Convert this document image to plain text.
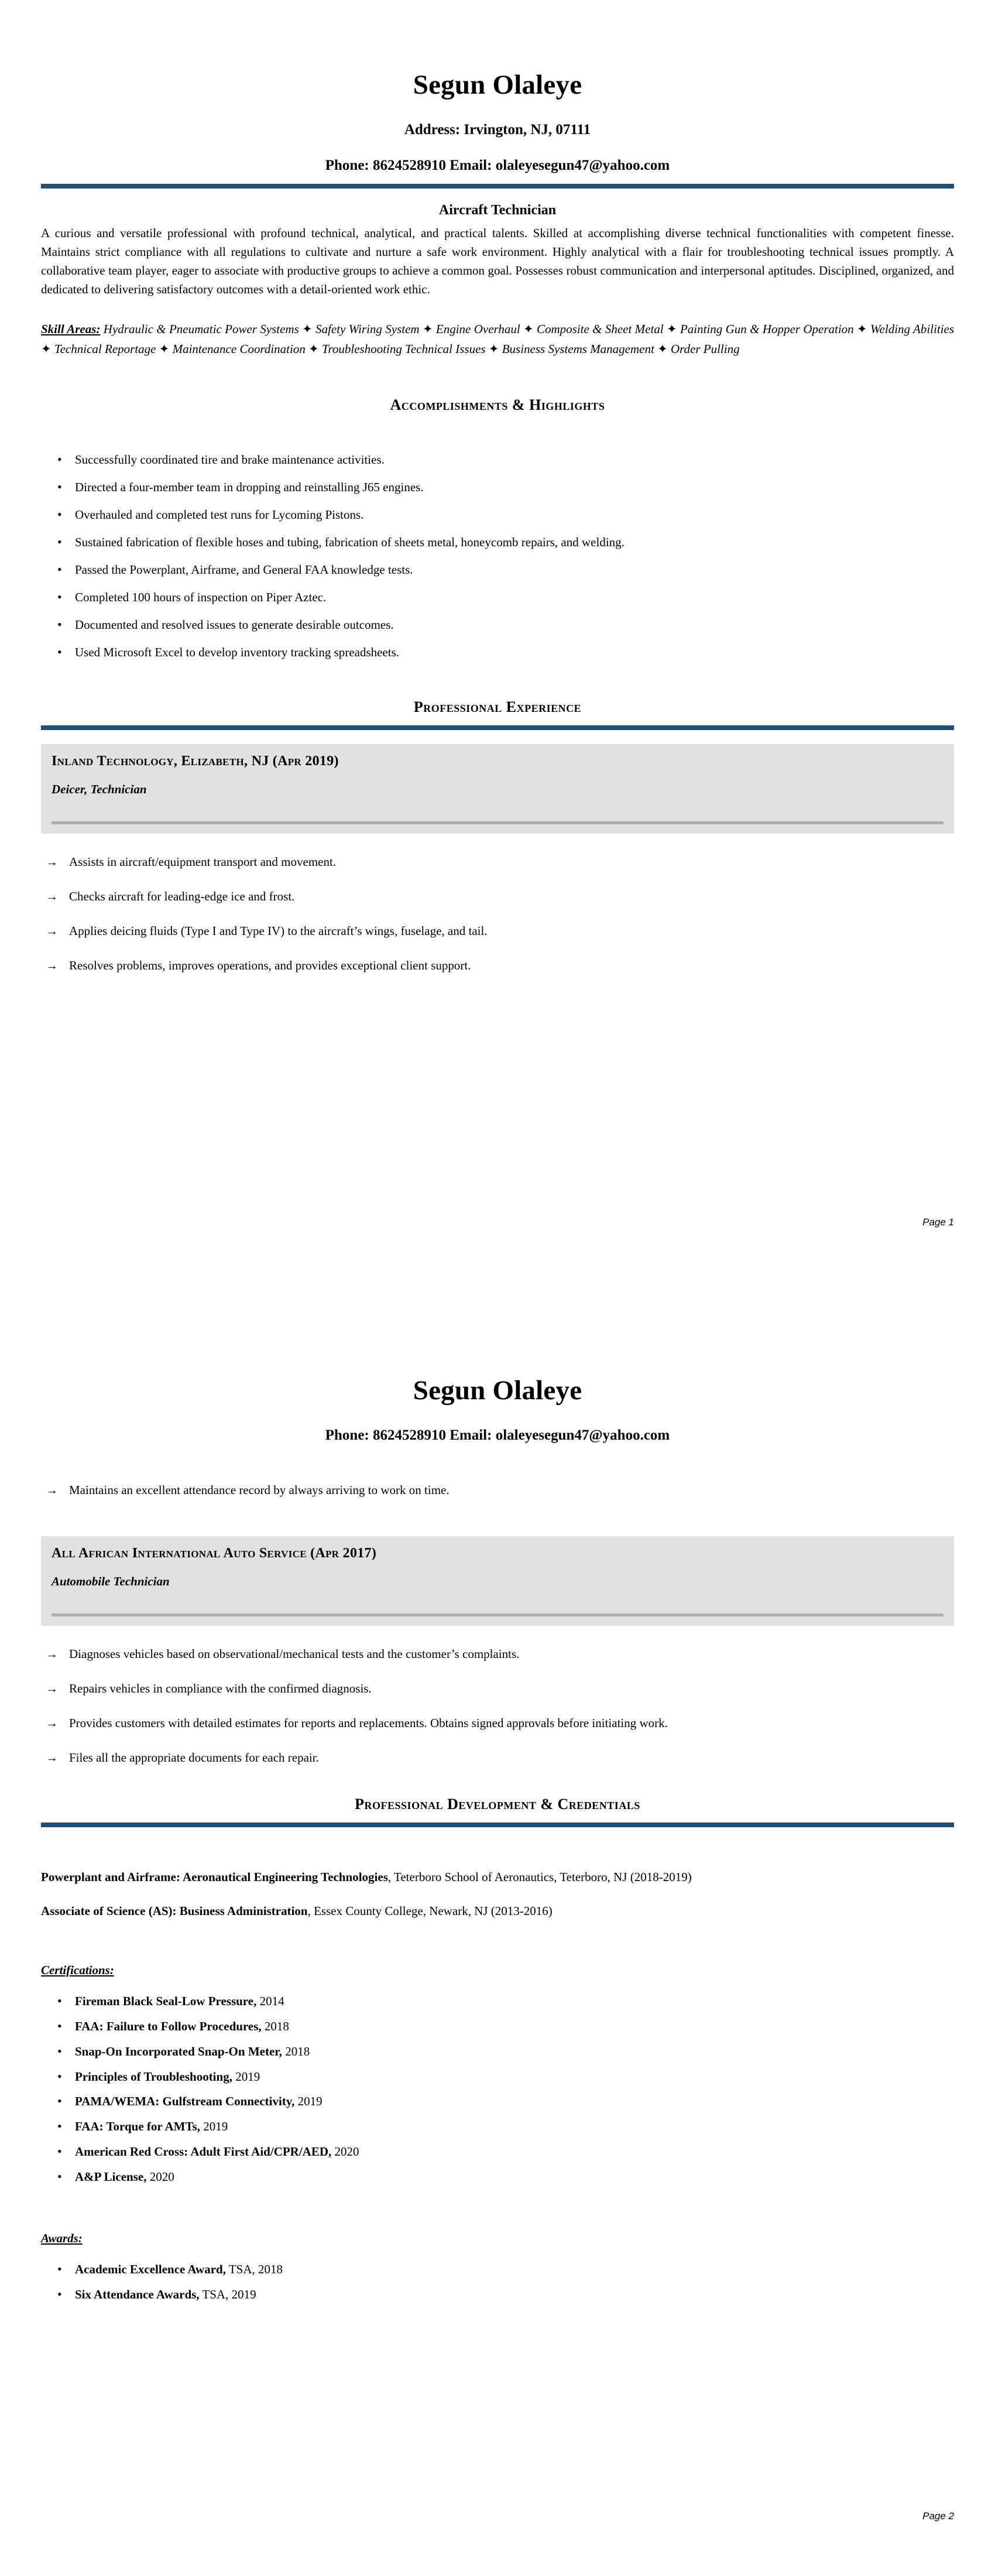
Segun Olaleye
Address: Irvington, NJ, 07111
Phone: 8624528910 Email: olaleyesegun47@yahoo.com
Aircraft Technician

A curious and versatile professional with profound technical, analytical, and practical talents. Skilled at accomplishing diverse technical functionalities with competent finesse. Maintains strict compliance with all regulations to cultivate and nurture a safe work environment. Highly analytical with a flair for troubleshooting technical issues promptly. A collaborative team player, eager to associate with productive groups to achieve a common goal. Possesses robust communication and interpersonal aptitudes. Disciplined, organized, and dedicated to delivering satisfactory outcomes with a detail-oriented work ethic.

Skill Areas: Hydraulic & Pneumatic Power Systems ✦ Safety Wiring System ✦ Engine Overhaul ✦ Composite & Sheet Metal ✦ Painting Gun & Hopper Operation ✦ Welding Abilities ✦ Technical Reportage ✦ Maintenance Coordination ✦ Troubleshooting Technical Issues ✦ Business Systems Management ✦ Order Pulling

Accomplishments & Highlights
• Successfully coordinated tire and brake maintenance activities.
• Directed a four-member team in dropping and reinstalling J65 engines.
• Overhauled and completed test runs for Lycoming Pistons.
• Sustained fabrication of flexible hoses and tubing, fabrication of sheets metal, honeycomb repairs, and welding.
• Passed the Powerplant, Airframe, and General FAA knowledge tests.
• Completed 100 hours of inspection on Piper Aztec.
• Documented and resolved issues to generate desirable outcomes.
• Used Microsoft Excel to develop inventory tracking spreadsheets.
Professional Experience
Inland Technology, Elizabeth, NJ (Apr 2019)
Deicer, Technician
→ Assists in aircraft/equipment transport and movement.
→ Checks aircraft for leading-edge ice and frost.
→ Applies deicing fluids (Type I and Type IV) to the aircraft’s wings, fuselage, and tail.
→ Resolves problems, improves operations, and provides exceptional client support.
Page 1
Segun Olaleye
Phone: 8624528910 Email: olaleyesegun47@yahoo.com
→ Maintains an excellent attendance record by always arriving to work on time.
All African International Auto Service (Apr 2017)
Automobile Technician
→ Diagnoses vehicles based on observational/mechanical tests and the customer’s complaints.
→ Repairs vehicles in compliance with the confirmed diagnosis.
→ Provides customers with detailed estimates for reports and replacements. Obtains signed approvals before initiating work.
→ Files all the appropriate documents for each repair.
Professional Development & Credentials

Powerplant and Airframe: Aeronautical Engineering Technologies, Teterboro School of Aeronautics, Teterboro, NJ (2018-2019)

Associate of Science (AS): Business Administration, Essex County College, Newark, NJ (2013-2016)

Certifications:
• Fireman Black Seal-Low Pressure, 2014
• FAA: Failure to Follow Procedures, 2018
• Snap-On Incorporated Snap-On Meter, 2018
• Principles of Troubleshooting, 2019
• PAMA/WEMA: Gulfstream Connectivity, 2019
• FAA: Torque for AMTs, 2019
• American Red Cross: Adult First Aid/CPR/AED, 2020
• A&P License, 2020
Awards:
• Academic Excellence Award, TSA, 2018
• Six Attendance Awards, TSA, 2019
Page 2
